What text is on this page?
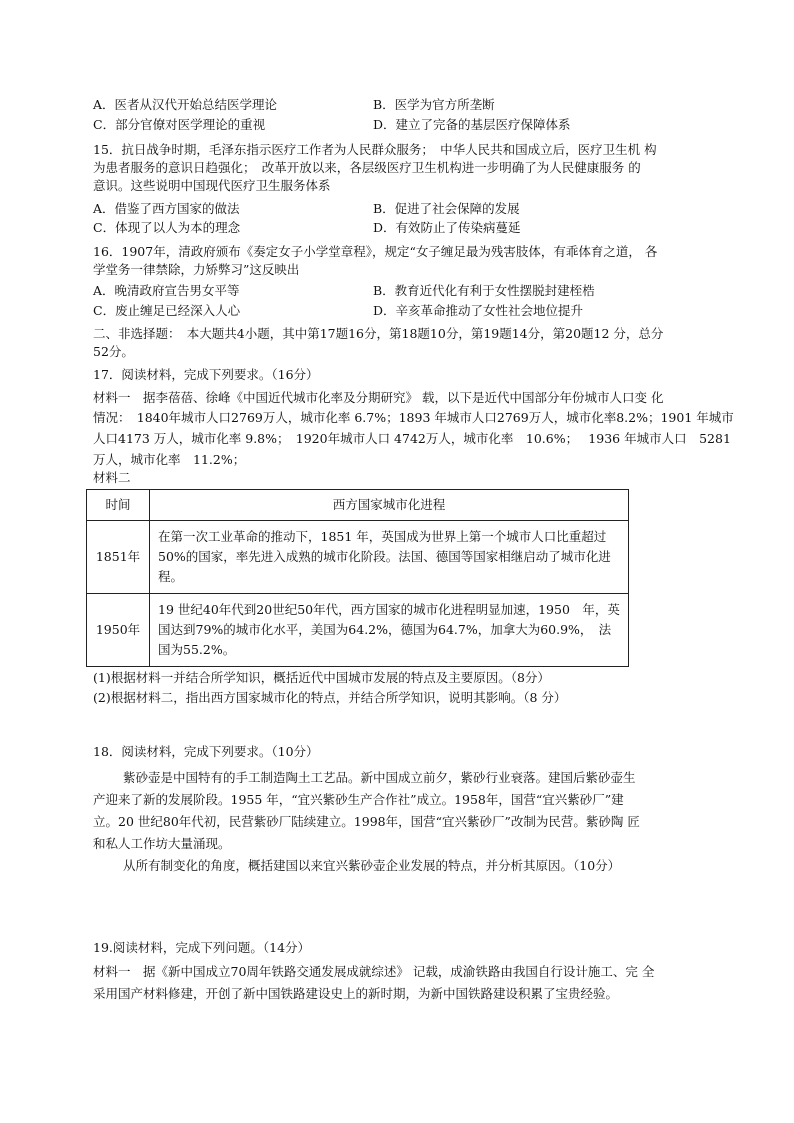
A．医者从汉代开始总结医学理论	B．医学为官方所垄断
C．部分官僚对医学理论的重视	D．建立了完备的基层医疗保障体系
15．抗日战争时期，毛泽东指示医疗工作者为人民群众服务；　中华人民共和国成立后，医疗卫生机 构
为患者服务的意识日趋强化；　改革开放以来，各层级医疗卫生机构进一步明确了为人民健康服务 的
意识。这些说明中国现代医疗卫生服务体系
A．借鉴了西方国家的做法	B．促进了社会保障的发展
C．体现了以人为本的理念	D．有效防止了传染病蔓延
16．1907年，清政府颁布《奏定女子小学堂章程》，规定“女子缠足最为残害肢体，有乖体育之道， 各
学堂务一律禁除，力矫弊习”这反映出
A．晚清政府宣告男女平等	B．教育近代化有利于女性摆脱封建桎梏
C．废止缠足已经深入人心	D．辛亥革命推动了女性社会地位提升
二、非选择题：　本大题共4小题，其中第17题16分，第18题10分，第19题14分，第20题12 分，总分
52分。
17．阅读材料，完成下列要求。（16分）
材料一　据李蓓蓓、徐峰《中国近代城市化率及分期研究》 载，以下是近代中国部分年份城市人口变 化
情况：　1840年城市人口2769万人，城市化率 6.7%；1893 年城市人口2769万人，城市化率8.2%；1901 年城市
人口4173 万人，城市化率 9.8%；　1920年城市人口 4742万人，城市化率　10.6%；　 1936 年城市人口　5281
万人，城市化率　11.2%；
材料二
时间	西方国家城市化进程
1851年	在第一次工业革命的推动下，1851 年，英国成为世界上第一个城市人口比重超过 50%的国家，率先进入成熟的城市化阶段。法国、德国等国家相继启动了城市化进程。
1950年	19 世纪40年代到20世纪50年代，西方国家的城市化进程明显加速，1950　年，英国达到79%的城市化水平，美国为64.2%，德国为64.7%，加拿大为60.9%，　法国为55.2%。
(1)根据材料一并结合所学知识，概括近代中国城市发展的特点及主要原因。（8分）
(2)根据材料二，指出西方国家城市化的特点，并结合所学知识，说明其影响。（8 分）
18．阅读材料，完成下列要求。（10分）
紫砂壶是中国特有的手工制造陶土工艺品。新中国成立前夕，紫砂行业衰落。建国后紫砂壶生
产迎来了新的发展阶段。1955 年，“宜兴紫砂生产合作社”成立。1958年，国营“宜兴紫砂厂”建
立。20 世纪80年代初，民营紫砂厂陆续建立。1998年，国营“宜兴紫砂厂”改制为民营。紫砂陶 匠
和私人工作坊大量涌现。
从所有制变化的角度，概括建国以来宜兴紫砂壶企业发展的特点，并分析其原因。（10分）
19.阅读材料，完成下列问题。（14分）
材料一　据《新中国成立70周年铁路交通发展成就综述》 记载，成渝铁路由我国自行设计施工、完 全
采用国产材料修建，开创了新中国铁路建设史上的新时期，为新中国铁路建设积累了宝贵经验。
